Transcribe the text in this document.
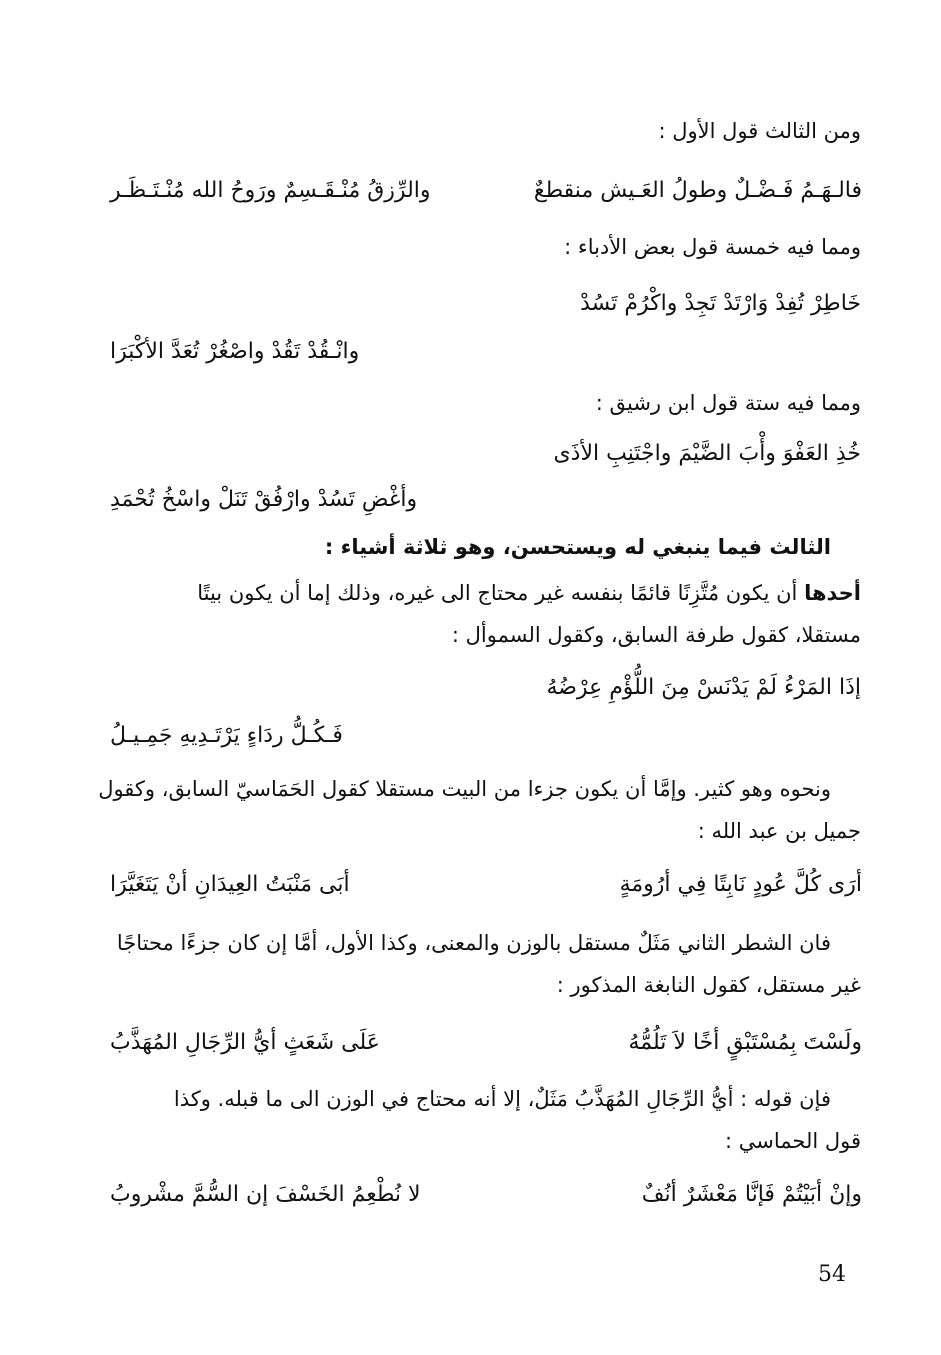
ومن الثالث قول الأول :
فالـهَـمُ فَـضْـلٌ وطولُ العَـيش منقطعٌ
والرِّزقُ مُنْـقَـسِمٌ ورَوحُ الله مُنْـتَـظَـر
ومما فيه خمسة قول بعض الأدباء :
خَاطِرْ تُفِدْ وَارْتَدْ تَجِدْ واكْرُمْ تَسُدْ
وانْـقُدْ تَقُدْ واصْغُرْ تُعَدَّ الأكْبَرَا
ومما فيه ستة قول ابن رشيق :
خُذِ العَفْوَ وأْبَ الضَّيْمَ واجْتَنِبِ الأذَى
وأغْضِ تَسُدْ وارْفُقْ تَنَلْ واسْخُ تُحْمَدِ
الثالث فيما ينبغي له ويستحسن، وهو ثلاثة أشياء :
أحدها أن يكون مُتَّزِنًا قائمًا بنفسه غير محتاج الى غيره، وذلك إما أن يكون بيتًا
مستقلا، كقول طرفة السابق، وكقول السموأل :
إذَا المَرْءُ لَمْ يَدْنَسْ مِنَ اللُّؤْمِ عِرْضُهُ
فَـكُـلُّ ردَاءٍ يَرْتَـدِيهِ جَمِـيـلُ
ونحوه وهو كثير. وإمَّا أن يكون جزءا من البيت مستقلا كقول الحَمَاسيّ السابق، وكقول
جميل بن عبد الله :
أرَى كُلَّ عُودٍ نَابِتًا فِي أرُومَةٍ
أبَى مَنْبَتُ العِيدَانِ أنْ يَتَغَيَّرَا
فان الشطر الثاني مَثَلٌ مستقل بالوزن والمعنى، وكذا الأول، أمَّا إن كان جزءًا محتاجًا
غير مستقل، كقول النابغة المذكور :
ولَسْتَ بِمُسْتَبْقٍ أخًا لاَ تَلُمُّهُ
عَلَى شَعَثٍ أيُّ الرِّجَالِ المُهَذَّبُ
فإن قوله : أيُّ الرِّجَالِ المُهَذَّبُ مَثَلٌ، إلا أنه محتاج في الوزن الى ما قبله. وكذا
قول الحماسي :
وإنْ أبَيْتُمْ فَإنَّا مَعْشَرٌ أنُفٌ
لا نُطْعِمُ الخَسْفَ إن السُّمَّ مشْروبُ
54
